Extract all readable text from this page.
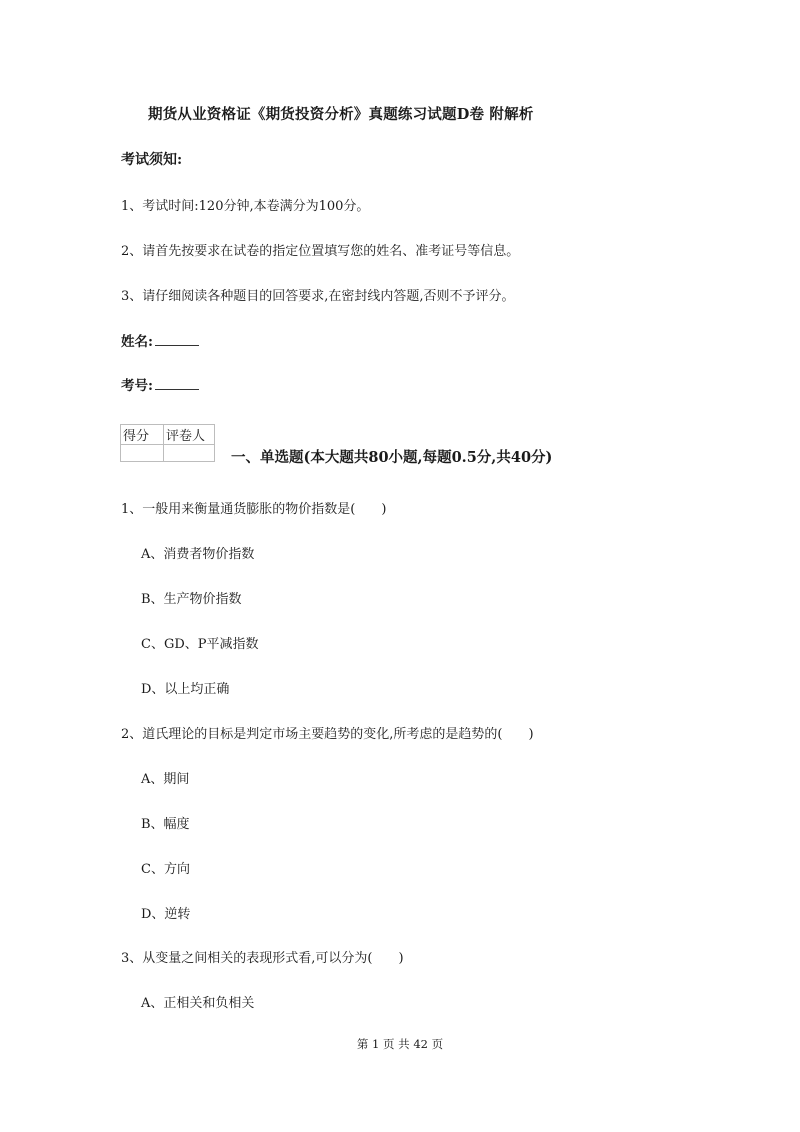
期货从业资格证《期货投资分析》真题练习试题D卷 附解析
考试须知:
1、考试时间:120分钟,本卷满分为100分。
2、请首先按要求在试卷的指定位置填写您的姓名、准考证号等信息。
3、请仔细阅读各种题目的回答要求,在密封线内答题,否则不予评分。
姓名:
考号:
得分	评卷人

一、单选题(本大题共80小题,每题0.5分,共40分)
1、一般用来衡量通货膨胀的物价指数是(　　)
A、消费者物价指数
B、生产物价指数
C、GD、P平减指数
D、以上均正确
2、道氏理论的目标是判定市场主要趋势的变化,所考虑的是趋势的(　　)
A、期间
B、幅度
C、方向
D、逆转
3、从变量之间相关的表现形式看,可以分为(　　)
A、正相关和负相关
第 1 页 共 42 页
